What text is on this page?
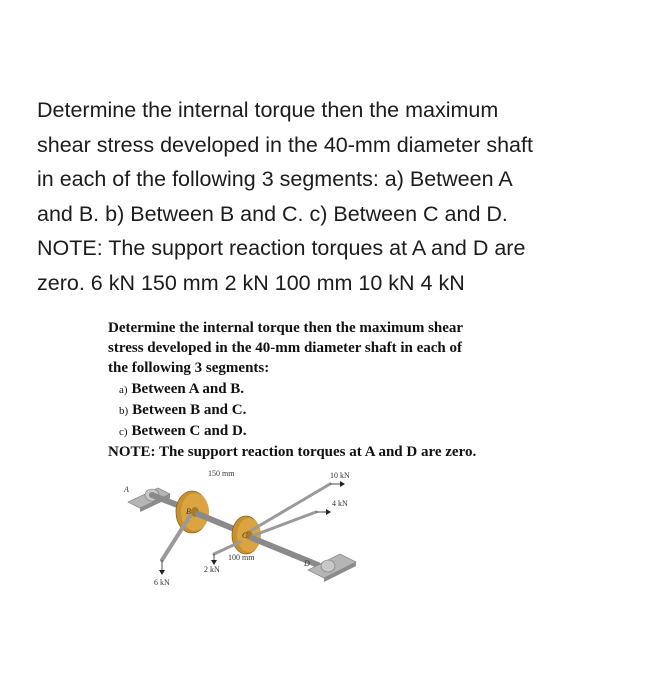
Determine the internal torque then the maximum
shear stress developed in the 40-mm diameter shaft
in each of the following 3 segments: a) Between A
and B. b) Between B and C. c) Between C and D.
NOTE: The support reaction torques at A and D are
zero. 6 kN 150 mm 2 kN 100 mm 10 kN 4 kN
Determine the internal torque then the maximum shear
stress developed in the 40-mm diameter shaft in each of
the following 3 segments:
a) Between A and B.
b) Between B and C.
c) Between C and D.
NOTE: The support reaction torques at A and D are zero.
150 mm	10 kN
4 kN
100 mm
2 kN
6 kN
A
B
C
D
